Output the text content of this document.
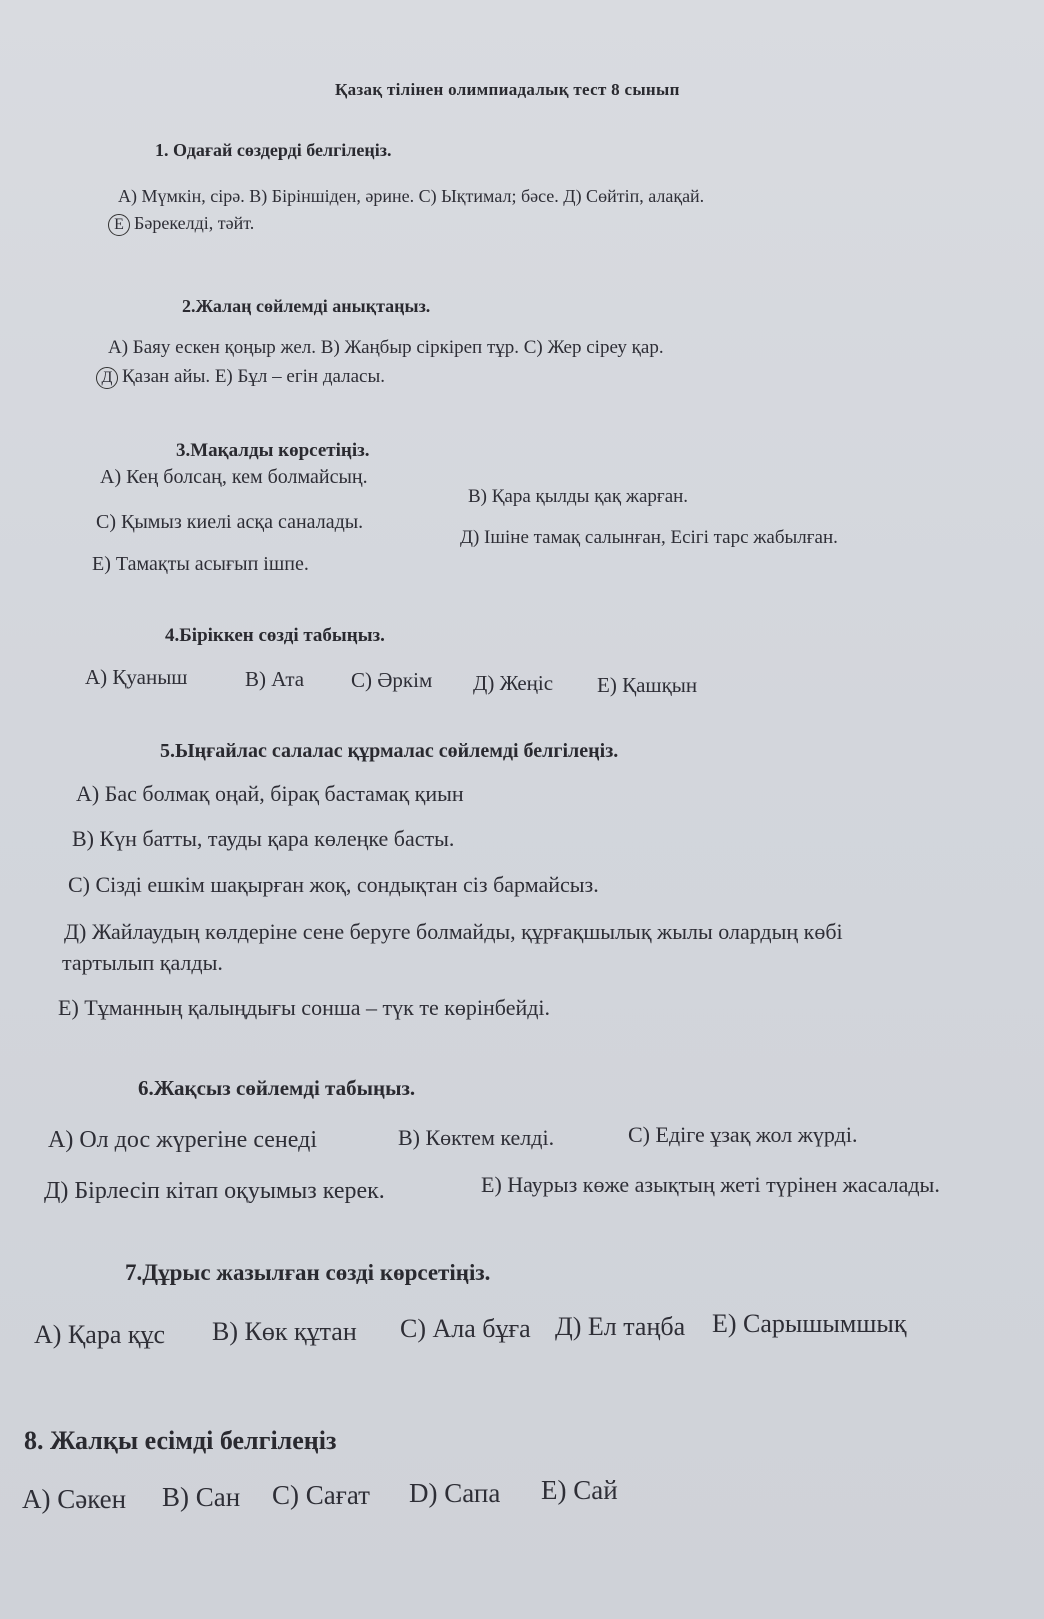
Қазақ тілінен олимпиадалық тест 8 сынып
1. Одағай сөздерді белгілеңіз.
А) Мүмкін, сірә. В) Біріншіден, әрине. С) Ықтимал; бәсе. Д) Сөйтіп, алақай.
Е Бәрекелді, тәйт.
2.Жалаң сөйлемді анықтаңыз.
А) Баяу ескен қоңыр жел. В) Жаңбыр сіркіреп тұр. С) Жер сіреу қар.
Д Қазан айы. Е) Бұл – егін даласы.
3.Мақалды көрсетіңіз.
А) Кең болсаң, кем болмайсың.
В) Қара қылды қақ жарған.
С) Қымыз киелі асқа саналады.
Д) Ішіне тамақ салынған, Есігі тарс жабылған.
Е) Тамақты асығып ішпе.
4.Біріккен сөзді табыңыз.
А) Қуаныш	В) Ата С) Әркім Д) Жеңіс Е) Қашқын
5.Ыңғайлас салалас құрмалас сөйлемді белгілеңіз.
А) Бас болмақ оңай, бірақ бастамақ қиын
В) Күн батты, тауды қара көлеңке басты.
С) Сізді ешкім шақырған жоқ, сондықтан сіз бармайсыз.
Д) Жайлаудың көлдеріне сене беруге болмайды, құрғақшылық жылы олардың көбі
тартылып қалды.
Е) Тұманның қалыңдығы сонша – түк те көрінбейді.
6.Жақсыз сөйлемді табыңыз.
А) Ол дос жүрегіне сенеді	В) Көктем келді.	С) Едіге ұзақ жол жүрді.
Д) Бірлесіп кітап оқуымыз керек.	Е) Наурыз көже азықтың жеті түрінен жасалады.
7.Дұрыс жазылған сөзді көрсетіңіз.
А) Қара құс В) Көк құтан С) Ала бұға Д) Ел таңба Е) Сарышымшық
8. Жалқы есімді белгілеңіз
А) Сәкен В) Сан С) Сағат D) Сапа Е) Сай
